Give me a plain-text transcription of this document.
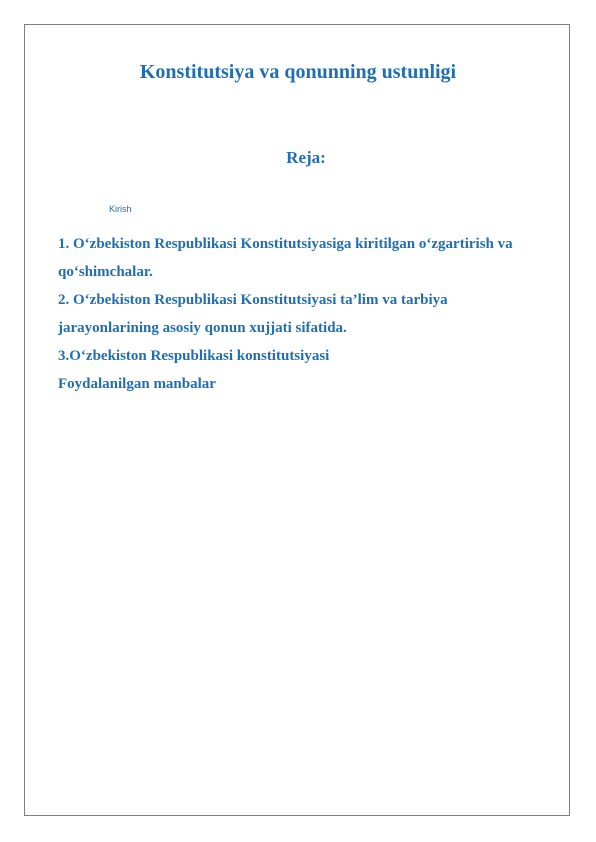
Konstitutsiya va qonunning ustunligi
Reja:
Kirish
1. O‘zbekiston Respublikasi Konstitutsiyasiga kiritilgan o‘zgartirish va
qo‘shimchalar.
2. O‘zbekiston Respublikasi Konstitutsiyasi ta’lim va tarbiya
jarayonlarining asosiy qonun xujjati sifatida.
3.O‘zbekiston Respublikasi konstitutsiyasi
Foydalanilgan manbalar
